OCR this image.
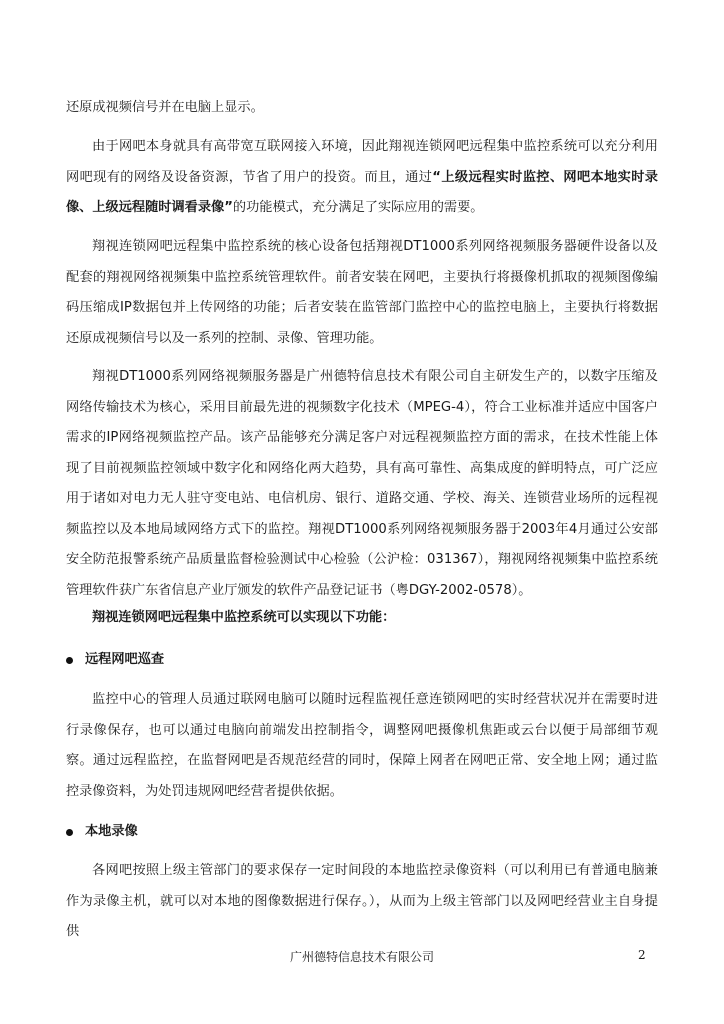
还原成视频信号并在电脑上显示。

由于网吧本身就具有高带宽互联网接入环境，因此翔视连锁网吧远程集中监控系统可以充分利用网吧现有的网络及设备资源，节省了用户的投资。而且，通过“上级远程实时监控、网吧本地实时录像、上级远程随时调看录像”的功能模式，充分满足了实际应用的需要。

翔视连锁网吧远程集中监控系统的核心设备包括翔视DT1000系列网络视频服务器硬件设备以及配套的翔视网络视频集中监控系统管理软件。前者安装在网吧，主要执行将摄像机抓取的视频图像编码压缩成IP数据包并上传网络的功能；后者安装在监管部门监控中心的监控电脑上，主要执行将数据还原成视频信号以及一系列的控制、录像、管理功能。

翔视DT1000系列网络视频服务器是广州德特信息技术有限公司自主研发生产的，以数字压缩及网络传输技术为核心，采用目前最先进的视频数字化技术（MPEG-4），符合工业标准并适应中国客户需求的IP网络视频监控产品。该产品能够充分满足客户对远程视频监控方面的需求，在技术性能上体现了目前视频监控领域中数字化和网络化两大趋势，具有高可靠性、高集成度的鲜明特点，可广泛应用于诸如对电力无人驻守变电站、电信机房、银行、道路交通、学校、海关、连锁营业场所的远程视频监控以及本地局域网络方式下的监控。翔视DT1000系列网络视频服务器于2003年4月通过公安部安全防范报警系统产品质量监督检验测试中心检验（公沪检：031367），翔视网络视频集中监控系统管理软件获广东省信息产业厅颁发的软件产品登记证书（粤DGY-2002-0578）。

翔视连锁网吧远程集中监控系统可以实现以下功能：
远程网吧巡查

监控中心的管理人员通过联网电脑可以随时远程监视任意连锁网吧的实时经营状况并在需要时进行录像保存，也可以通过电脑向前端发出控制指令，调整网吧摄像机焦距或云台以便于局部细节观察。通过远程监控，在监督网吧是否规范经营的同时，保障上网者在网吧正常、安全地上网；通过监控录像资料，为处罚违规网吧经营者提供依据。

本地录像

各网吧按照上级主管部门的要求保存一定时间段的本地监控录像资料（可以利用已有普通电脑兼作为录像主机，就可以对本地的图像数据进行保存。），从而为上级主管部门以及网吧经营业主自身提供

广州德特信息技术有限公司	2
